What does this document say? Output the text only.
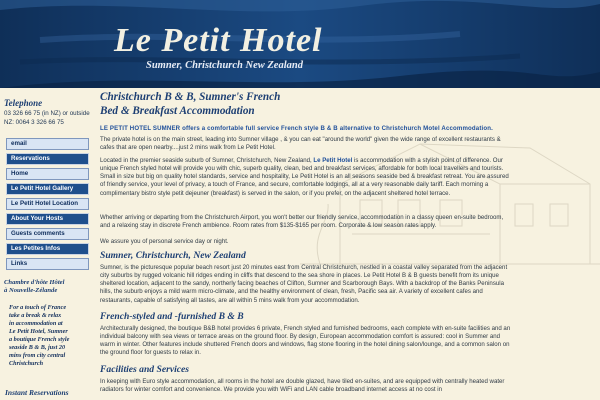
Le Petit Hotel
Sumner, Christchurch New Zealand
Telephone
03 326 66 75 (in NZ) or outside
NZ: 0064 3 326 66 75
email
Reservations
Home
Le Petit Hotel Gallery
Le Petit Hotel Location
About Your Hosts
Guests comments
Les Petites Infos
Links
Chambre d'hôte Hôtel
à Nouvelle-Zélande
For a touch of France
take a break & relax
in accommodation at
Le Petit Hotel, Sumner
a boutique French style
seaside B & B, just 20
mins from city central
Christchurch
Instant Reservations
Christchurch B & B, Sumner's French
Bed & Breakfast Accommodation
LE PETIT HOTEL SUMNER offers a comfortable full service French style B & B alternative to Christchurch Motel Accommodation.
The private hotel is on the main street, leading into Sumner village , & you can eat "around the world" given the wide range of excellent restaurants & cafes that are open nearby....just 2 mins walk from Le Petit Hotel.
Located in the premier seaside suburb of Sumner, Christchurch, New Zealand, Le Petit Hotel is accommodation with a stylish point of difference. Our unique French styled hotel will provide you with chic, superb quality, clean, bed and breakfast services, affordable for both local travellers and tourists. Small in size but big on quality hotel standards, service and hospitality, Le Petit Hotel is an all seasons seaside bed & breakfast retreat. You are assured of friendly service, your level of privacy, a touch of France, and secure, comfortable lodgings, all at a very reasonable daily tariff. Each morning a complimentary bistro style petit dejeuner (breakfast) is served in the salon, or if you prefer, on the adjacent sheltered hotel terrace.
Whether arriving or departing from the Christchurch Airport, you won't better our friendly service, accommodation in a classy queen en-suite bedroom, and a relaxing stay in discrete French ambience. Room rates from $135-$165 per room. Corporate & low season rates apply.
We assure you of personal service day or night.
Sumner, Christchurch, New Zealand
Sumner, is the picturesque popular beach resort just 20 minutes east from Central Christchurch, nestled in a coastal valley separated from the adjacent city suburbs by rugged volcanic hill ridges ending in cliffs that descend to the sea shore in places. Le Petit Hotel B & B guests benefit from its unique sheltered location, adjacent to the sandy, northerly facing beaches of Clifton, Sumner and Scarborough Bays. With a backdrop of the Banks Peninsula hills, the suburb enjoys a mild warm micro-climate, and the healthy environment of clean, fresh, Pacific sea air. A variety of excellent cafes and restaurants, capable of satisfying all tastes, are all within 5 mins walk from your accommodation.
French-styled and -furnished B & B
Architecturally designed, the boutique B&B hotel provides 6 private, French styled and furnished bedrooms, each complete with en-suite facilities and an individual balcony with sea views or terrace areas on the ground floor. By design, European accommodation comfort is assured: cool in Summer and warm in winter. Other features include shuttered French doors and windows, flag stone flooring in the hotel dining salon/lounge, and a common salon on the ground floor for guests to relax in.
Facilities and Services
In keeping with Euro style accommodation, all rooms in the hotel are double glazed, have tiled en-suites, and are equipped with centrally heated water radiators for winter comfort and convenience. We provide you with WiFi and LAN cable broadband internet access at no cost in
